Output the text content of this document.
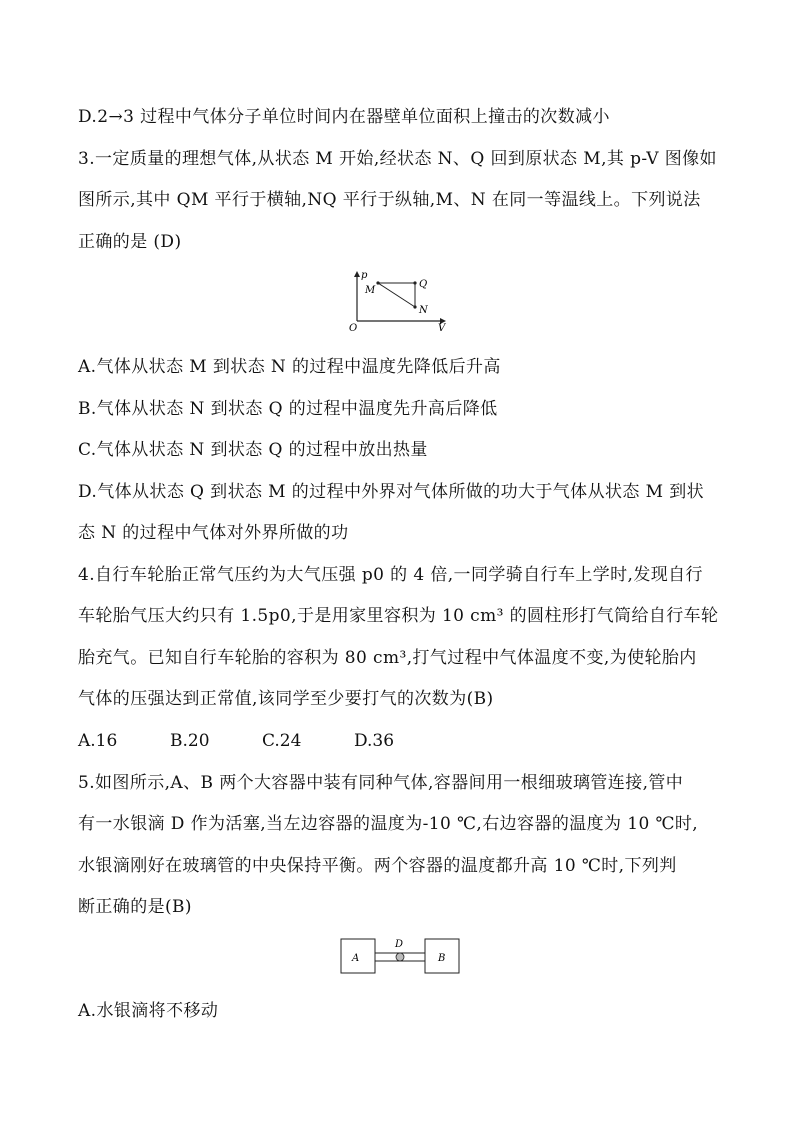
D.2→3 过程中气体分子单位时间内在器壁单位面积上撞击的次数减小
3.一定质量的理想气体,从状态 M 开始,经状态 N、Q 回到原状态 M,其 p-V 图像如
图所示,其中 QM 平行于横轴,NQ 平行于纵轴,M、N 在同一等温线上。下列说法
正确的是 (D)
p
V
O
M
Q
N
A.气体从状态 M 到状态 N 的过程中温度先降低后升高
B.气体从状态 N 到状态 Q 的过程中温度先升高后降低
C.气体从状态 N 到状态 Q 的过程中放出热量
D.气体从状态 Q 到状态 M 的过程中外界对气体所做的功大于气体从状态 M 到状
态 N 的过程中气体对外界所做的功
4.自行车轮胎正常气压约为大气压强 p0 的 4 倍,一同学骑自行车上学时,发现自行
车轮胎气压大约只有 1.5p0,于是用家里容积为 10 cm³ 的圆柱形打气筒给自行车轮
胎充气。已知自行车轮胎的容积为 80 cm³,打气过程中气体温度不变,为使轮胎内
气体的压强达到正常值,该同学至少要打气的次数为(B)
A.16	B.20	C.24	D.36
5.如图所示,A、B 两个大容器中装有同种气体,容器间用一根细玻璃管连接,管中
有一水银滴 D 作为活塞,当左边容器的温度为-10 ℃,右边容器的温度为 10 ℃时,
水银滴刚好在玻璃管的中央保持平衡。两个容器的温度都升高 10 ℃时,下列判
断正确的是(B)
A	B
D
A.水银滴将不移动
